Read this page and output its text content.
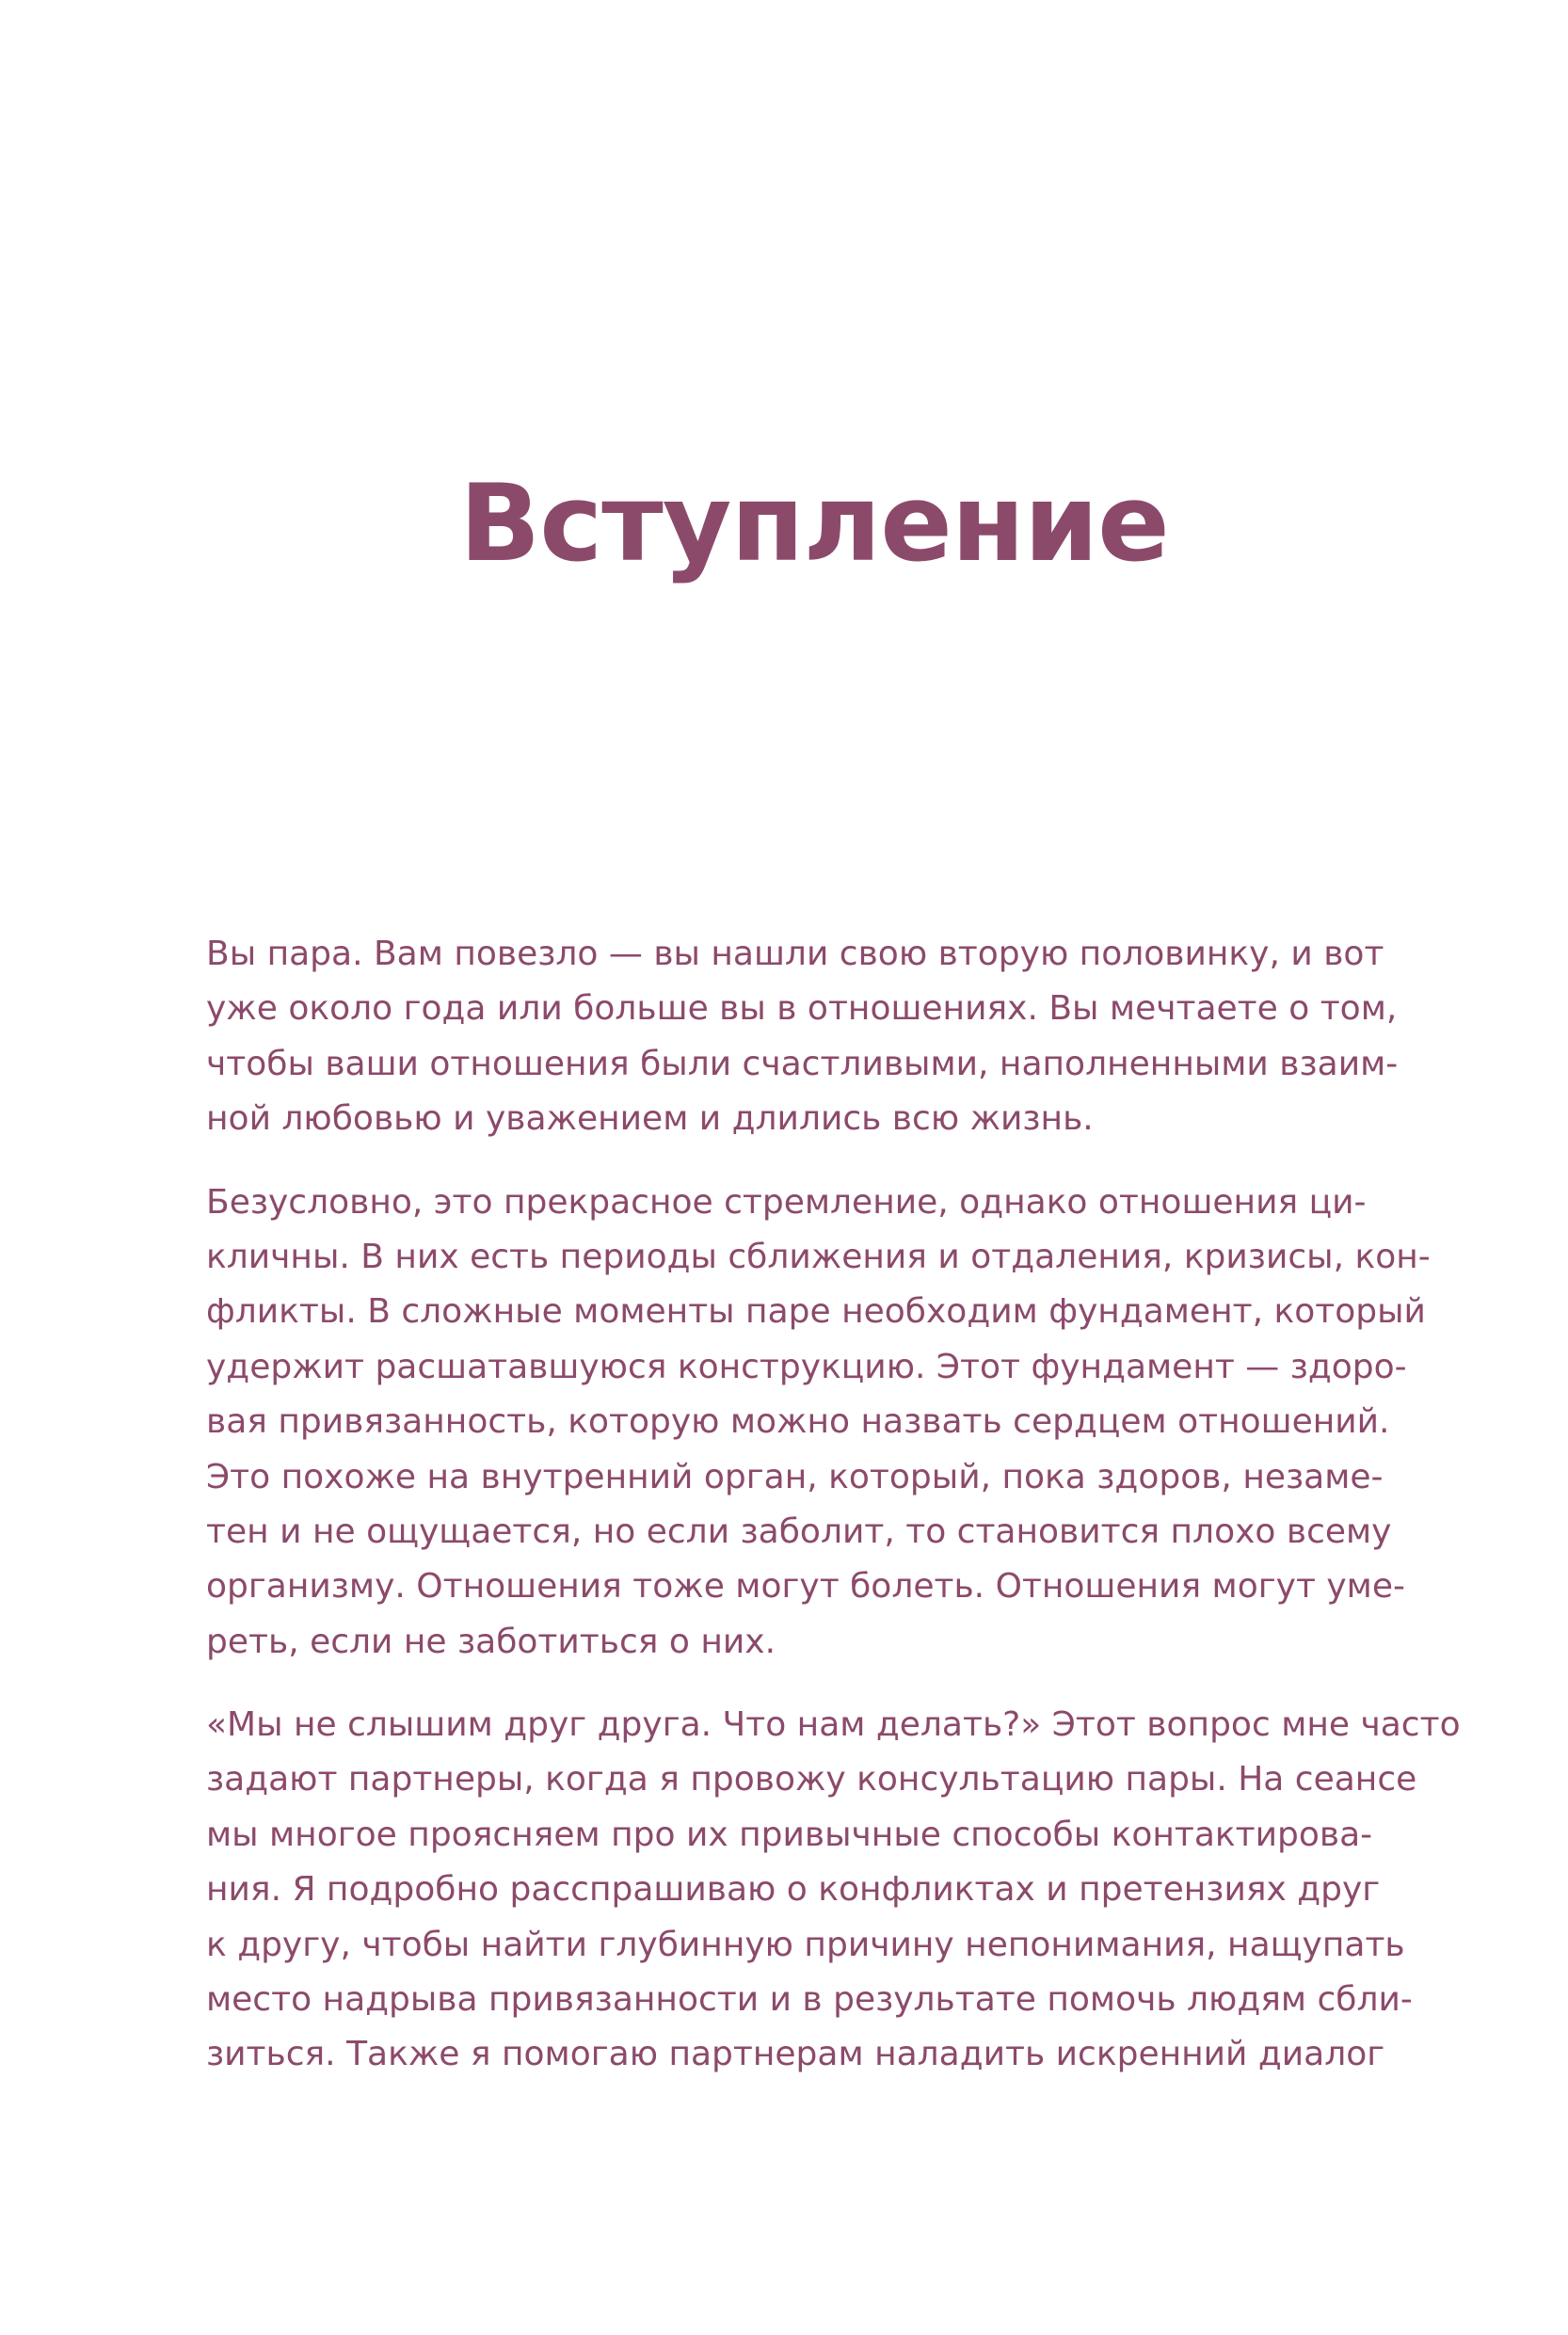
Вступление

Вы пара. Вам повезло — вы нашли свою вторую половинку, и вот
уже около года или больше вы в отношениях. Вы мечтаете о том,
чтобы ваши отношения были счастливыми, наполненными взаим-
ной любовью и уважением и длились всю жизнь.

Безусловно, это прекрасное стремление, однако отношения ци-
кличны. В них есть периоды сближения и отдаления, кризисы, кон-
фликты. В сложные моменты паре необходим фундамент, который
удержит расшатавшуюся конструкцию. Этот фундамент — здоро-
вая привязанность, которую можно назвать сердцем отношений.
Это похоже на внутренний орган, который, пока здоров, незаме-
тен и не ощущается, но если заболит, то становится плохо всему
организму. Отношения тоже могут болеть. Отношения могут уме-
реть, если не заботиться о них.

«Мы не слышим друг друга. Что нам делать?» Этот вопрос мне часто
задают партнеры, когда я провожу консультацию пары. На сеансе
мы многое проясняем про их привычные способы контактирова-
ния. Я подробно расспрашиваю о конфликтах и претензиях друг
к другу, чтобы найти глубинную причину непонимания, нащупать
место надрыва привязанности и в результате помочь людям сбли-
зиться. Также я помогаю партнерам наладить искренний диалог
